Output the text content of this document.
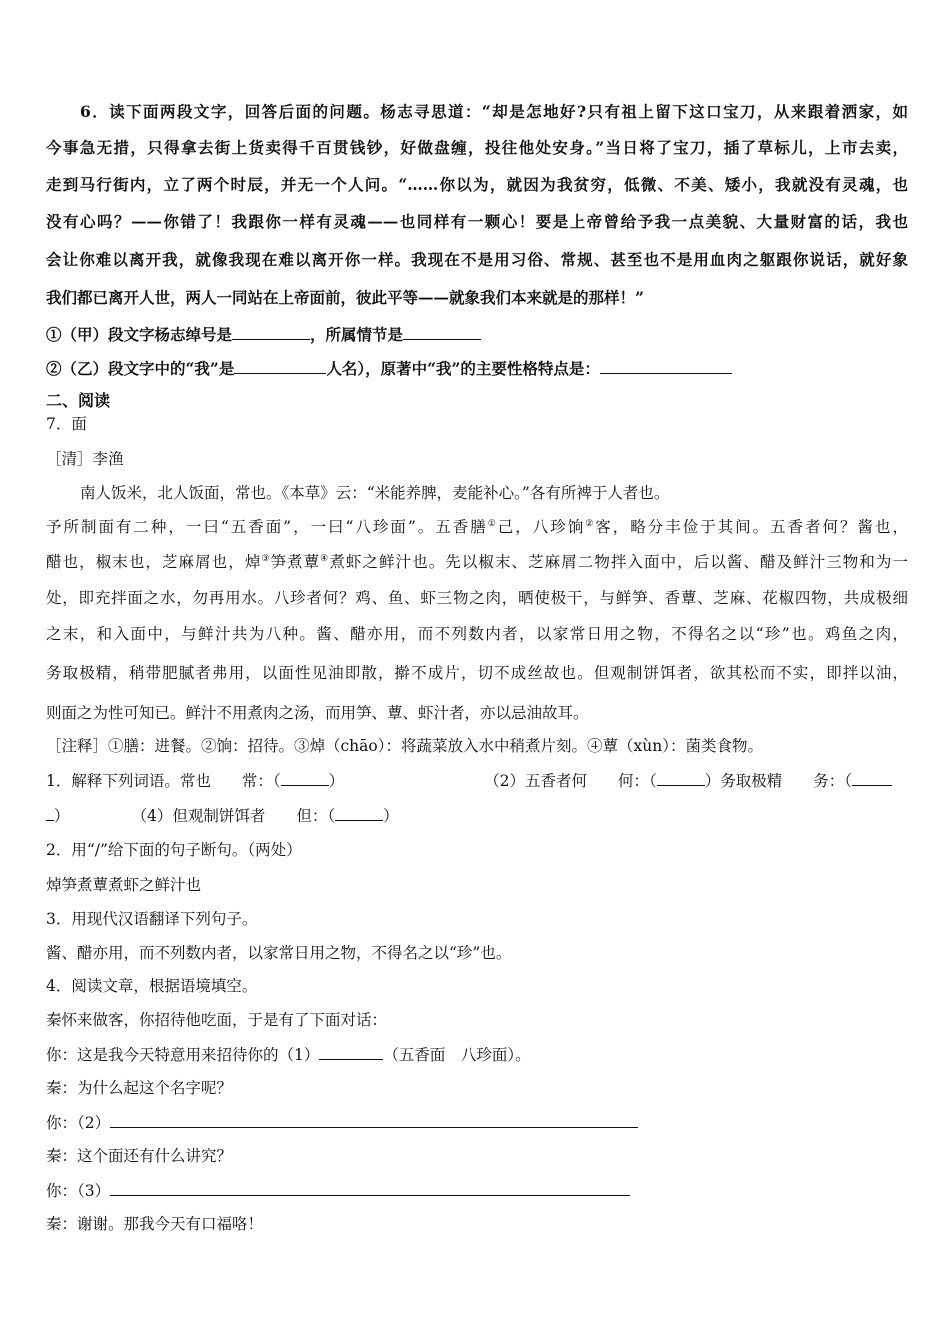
6．读下面两段文字，回答后面的问题。杨志寻思道：“却是怎地好?只有祖上留下这口宝刀，从来跟着洒家，如
今事急无措，只得拿去街上货卖得千百贯钱钞，好做盘缠，投往他处安身。”当日将了宝刀，插了草标儿，上市去卖，
走到马行街内，立了两个时辰，并无一个人问。“……你以为，就因为我贫穷，低微、不美、矮小，我就没有灵魂，也
没有心吗？——你错了！我跟你一样有灵魂——也同样有一颗心！要是上帝曾给予我一点美貌、大量财富的话，我也
会让你难以离开我，就像我现在难以离开你一样。我现在不是用习俗、常规、甚至也不是用血肉之躯跟你说话，就好象
我们都已离开人世，两人一同站在上帝面前，彼此平等——就象我们本来就是的那样！”
①（甲）段文字杨志绰号是	，所属情节是
②（乙）段文字中的“我”是	人名），原著中“我”的主要性格特点是：
二、阅读
7．面
［清］李渔
南人饭米，北人饭面，常也。《本草》云：“米能养脾，麦能补心。”各有所裨于人者也。
予所制面有二种，一曰“五香面”，一曰“八珍面”。五香膳①己，八珍饷②客，略分丰俭于其间。五香者何？酱也，
醋也，椒末也，芝麻屑也，焯③笋煮蕈④煮虾之鲜汁也。先以椒末、芝麻屑二物拌入面中，后以酱、醋及鲜汁三物和为一
处，即充拌面之水，勿再用水。八珍者何？鸡、鱼、虾三物之肉，晒使极干，与鲜笋、香蕈、芝麻、花椒四物，共成极细
之末，和入面中，与鲜汁共为八种。酱、醋亦用，而不列数内者，以家常日用之物，不得名之以“珍”也。鸡鱼之肉，
务取极精，稍带肥腻者弗用，以面性见油即散，擀不成片，切不成丝故也。但观制饼饵者，欲其松而不实，即拌以油，
则面之为性可知已。鲜汁不用煮肉之汤，而用笋、蕈、虾汁者，亦以忌油故耳。
［注释］①膳：进餐。②饷：招待。③焯（chāo）：将蔬菜放入水中稍煮片刻。④蕈（xùn）：菌类食物。
1．解释下列词语。常也　　常：（	）	（2）五香者何　　何：（	）务取极精　　务：（
）　　　　　（4）但观制饼饵者　　但：（	）
2．用“/”给下面的句子断句。（两处）
焯笋煮蕈煮虾之鲜汁也
3．用现代汉语翻译下列句子。
酱、醋亦用，而不列数内者，以家常日用之物，不得名之以“珍”也。
4．阅读文章，根据语境填空。
秦怀来做客，你招待他吃面，于是有了下面对话：
你：这是我今天特意用来招待你的（1）	（五香面　八珍面）。
秦：为什么起这个名字呢？
你：（2）
秦：这个面还有什么讲究？
你：（3）
秦：谢谢。那我今天有口福咯！
